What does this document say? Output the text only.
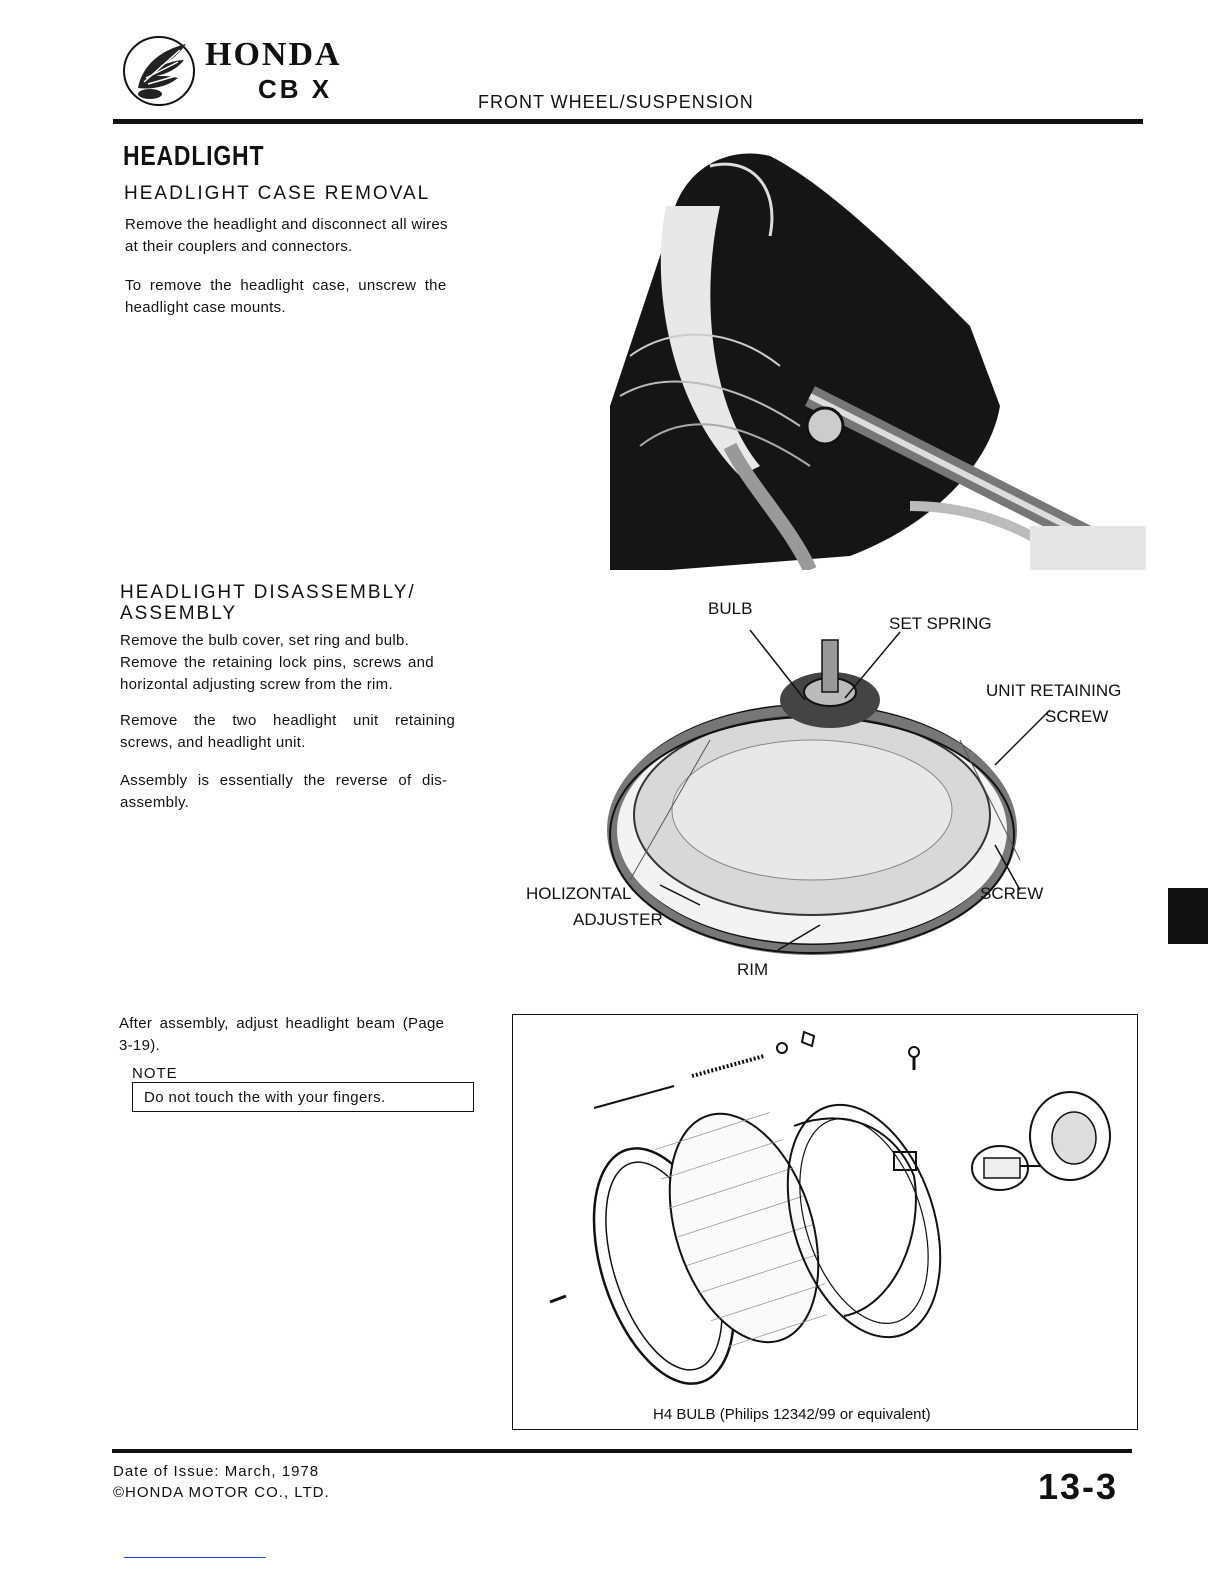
HONDA
CB X	FRONT WHEEL/SUSPENSION
HEADLIGHT
HEADLIGHT CASE REMOVAL
Remove the headlight and disconnect all wires
at their couplers and connectors.
To remove the headlight case, unscrew the
headlight case mounts.
HEADLIGHT DISASSEMBLY/
ASSEMBLY
Remove the bulb cover, set ring and bulb.
Remove the retaining lock pins, screws and
horizontal adjusting screw from the rim.
Remove the two headlight unit retaining
screws, and headlight unit.
Assembly is essentially the reverse of dis-
assembly.
BULB
SET SPRING
UNIT RETAINING
SCREW
HOLIZONTAL
ADJUSTER
SCREW
RIM
After assembly, adjust headlight beam (Page
3-19).
NOTE
Do not touch the with your fingers.
H4 BULB (Philips 12342/99 or equivalent)
Date of Issue: March, 1978
©HONDA MOTOR CO., LTD.	13-3
